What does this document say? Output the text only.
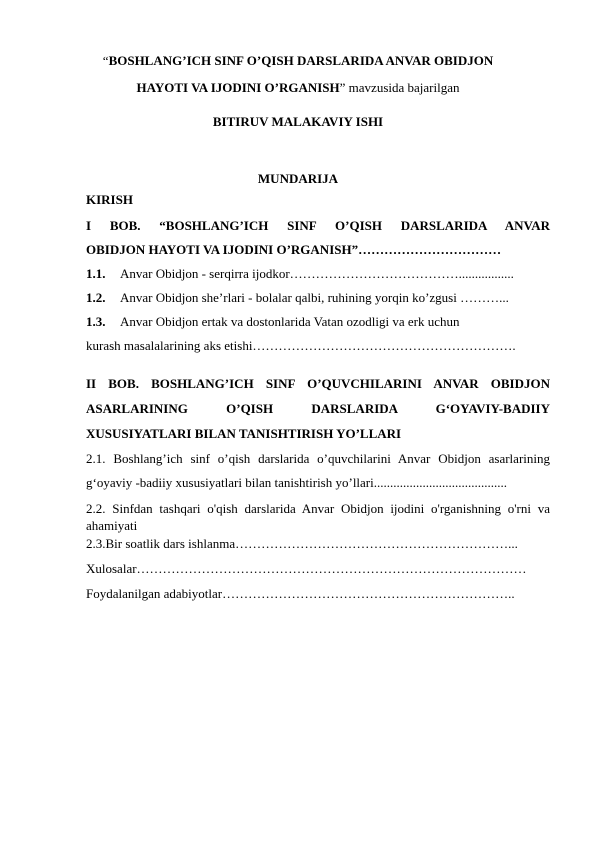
“BOSHLANG’ICH SINF O’QISH DARSLARIDA ANVAR OBIDJON
HAYOTI VA IJODINI O’RGANISH” mavzusida bajarilgan
BITIRUV MALAKAVIY ISHI
MUNDARIJA
KIRISH
I BOB. “BOSHLANG’ICH SINF O’QISH DARSLARIDA ANVAR
OBIDJON HAYOTI VA IJODINI O’RGANISH”……………………………
1.1. Anvar Obidjon - serqirra ijodkor………………………………….................
1.2. Anvar Obidjon she’rlari - bolalar qalbi, ruhining yorqin ko’zgusi ………...
1.3. Anvar Obidjon ertak va dostonlarida Vatan ozodligi va erk uchun
kurash masalalarining aks etishi…………………………………………………….
II BOB. BOSHLANG’ICH SINF O’QUVCHILARINI ANVAR OBIDJON
ASARLARINING O’QISH DARSLARIDA G‘OYAVIY-BADIIY
XUSUSIYATLARI BILAN TANISHTIRISH YO’LLARI
2.1. Boshlang’ich sinf o’qish darslarida o’quvchilarini Anvar Obidjon asarlarining
g‘oyaviy -badiiy xususiyatlari bilan tanishtirish yo’llari.........................................
2.2. Sinfdan tashqari o'qish darslarida Anvar Obidjon ijodini o'rganishning o'rni va
ahamiyati
2.3.Bir soatlik dars ishlanma………………………………………………………...
Xulosalar………………………………………………………………………………
Foydalanilgan adabiyotlar…………………………………………………………..
